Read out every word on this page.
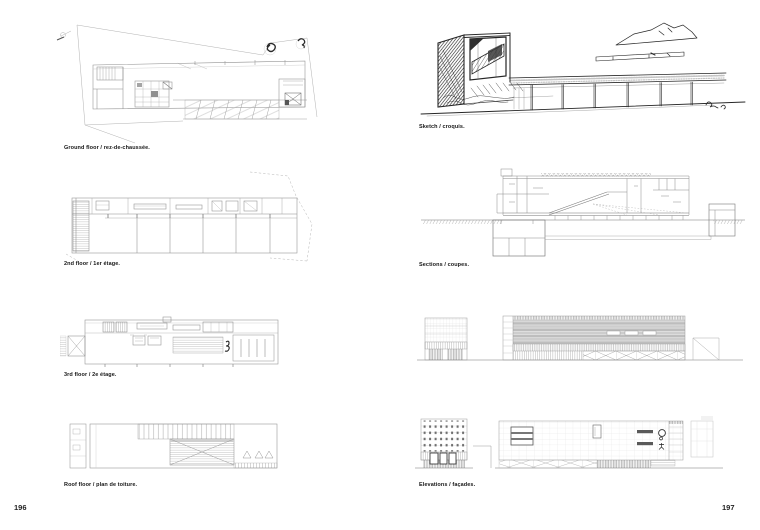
Ground floor / rez-de-chaussée.
2nd floor / 1er étage.
3rd floor / 2e étage.
Roof floor / plan de toiture.
196
Sketch / croquis.
Sections / coupes.
Elevations / façades.
197
